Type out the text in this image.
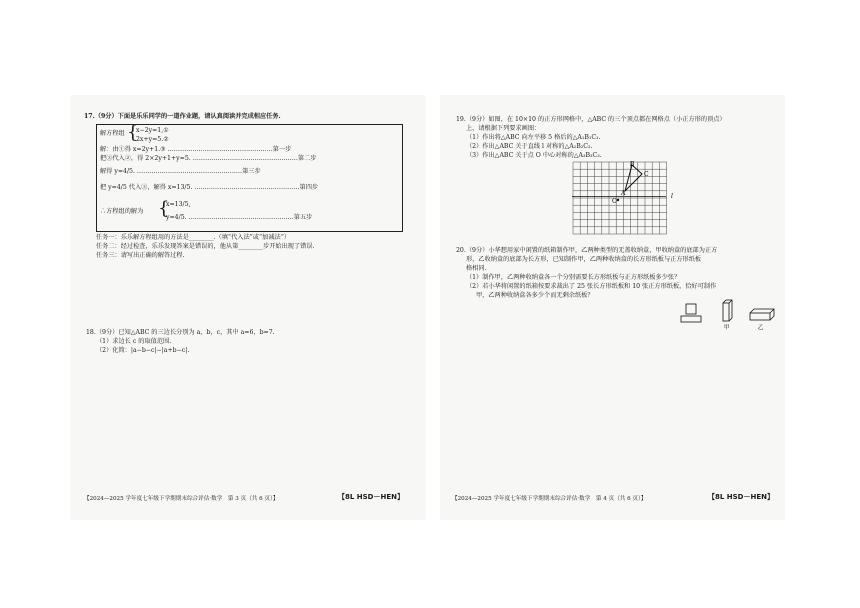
17.（9分）下面是乐乐同学的一道作业题，请认真阅读并完成相应任务.
解方程组 {
x−2y=1,①
2x+y=5.②
解：由①得 x=2y+1.③ ……………………………………………第一步
把③代入②，得 2×2y+1+y=5. ……………………………………………第二步
解得 y=4/5. ……………………………………………第三步
把 y=4/5 代入③，解得 x=13/5. ……………………………………………第四步
∴方程组的解为 {
x=13/5,
y=4/5. ……………………………………………第五步
任务一：乐乐解方程组用的方法是________.（填“代入法”或“加减法”）
任务二：经过检查，乐乐发现答案是错误的，他从第________步开始出现了错误.
任务三：请写出正确的解答过程.
18.（9分）已知△ABC 的三边长分别为 a，b，c，其中 a=6，b=7.
（1）求边长 c 的取值范围.
（2）化简：|a−b−c|−|a+b−c|.
【2024—2025 学年度七年级下学期期末综合评估·数学　第 3 页（共 6 页）】	【8L HSD－HEN】
19.（9分）如图，在 10×10 的正方形网格中，△ABC 的三个顶点都在网格点（小正方形的顶点）
上，请根据下列要求画图：
（1）作出将△ABC 向左平移 5 格后的△A₁B₁C₁.
（2）作出△ABC 关于直线 l 对称的△A₂B₂C₂.
（3）作出△ABC 关于点 O 中心对称的△A₃B₃C₃.
B
C
A
O
l
20.（9分）小华想用家中闲置的纸箱制作甲，乙两种类型的无盖收纳盒，甲收纳盒的底部为正方
形，乙收纳盒的底部为长方形，已知制作甲，乙两种收纳盒的长方形纸板与正方形纸板
格相同.
（1）制作甲，乙两种收纳盒各一个分别需要长方形纸板与正方形纸板多少张？
（2）若小华将闲置的纸箱按要求裁出了 25 张长方形纸板和 10 张正方形纸板，恰好可制作
甲，乙两种收纳盒各多少个而无剩余纸板？
甲	乙
【2024—2025 学年度七年级下学期期末综合评估·数学　第 4 页（共 6 页）】	【8L HSD－HEN】
